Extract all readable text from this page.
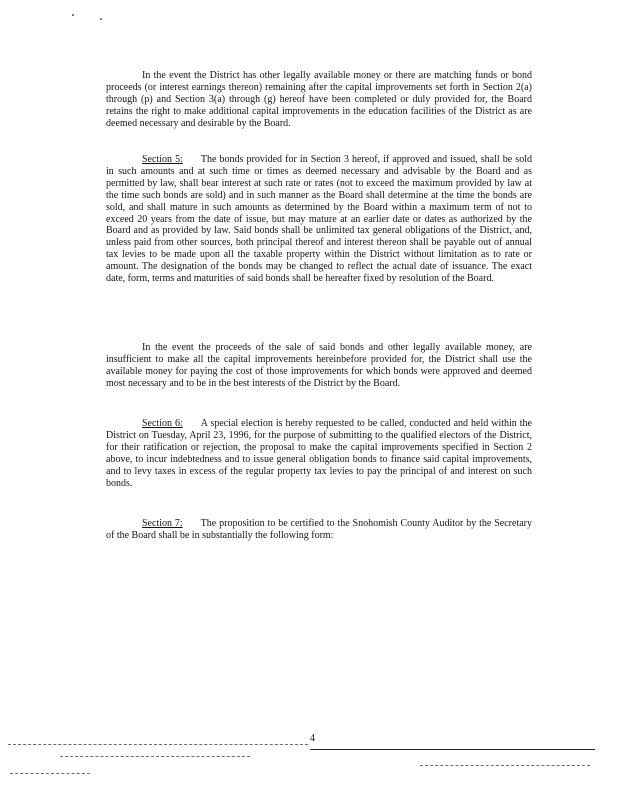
In the event the District has other legally available money or there are matching funds or bond proceeds (or interest earnings thereon) remaining after the capital improvements set forth in Section 2(a) through (p) and Section 3(a) through (g) hereof have been completed or duly provided for, the Board retains the right to make additional capital improvements in the education facilities of the District as are deemed necessary and desirable by the Board.

Section 5: The bonds provided for in Section 3 hereof, if approved and issued, shall be sold in such amounts and at such time or times as deemed necessary and advisable by the Board and as permitted by law, shall bear interest at such rate or rates (not to exceed the maximum provided by law at the time such bonds are sold) and in such manner as the Board shall determine at the time the bonds are sold, and shall mature in such amounts as determined by the Board within a maximum term of not to exceed 20 years from the date of issue, but may mature at an earlier date or dates as authorized by the Board and as provided by law. Said bonds shall be unlimited tax general obligations of the District, and, unless paid from other sources, both principal thereof and interest thereon shall be payable out of annual tax levies to be made upon all the taxable property within the District without limitation as to rate or amount. The designation of the bonds may be changed to reflect the actual date of issuance. The exact date, form, terms and maturities of said bonds shall be hereafter fixed by resolution of the Board.

In the event the proceeds of the sale of said bonds and other legally available money, are insufficient to make all the capital improvements hereinbefore provided for, the District shall use the available money for paying the cost of those improvements for which bonds were approved and deemed most necessary and to be in the best interests of the District by the Board.

Section 6: A special election is hereby requested to be called, conducted and held within the District on Tuesday, April 23, 1996, for the purpose of submitting to the qualified electors of the District, for their ratification or rejection, the proposal to make the capital improvements specified in Section 2 above, to incur indebtedness and to issue general obligation bonds to finance said capital improvements, and to levy taxes in excess of the regular property tax levies to pay the principal of and interest on such bonds.

Section 7: The proposition to be certified to the Snohomish County Auditor by the Secretary of the Board shall be in substantially the following form:

4
